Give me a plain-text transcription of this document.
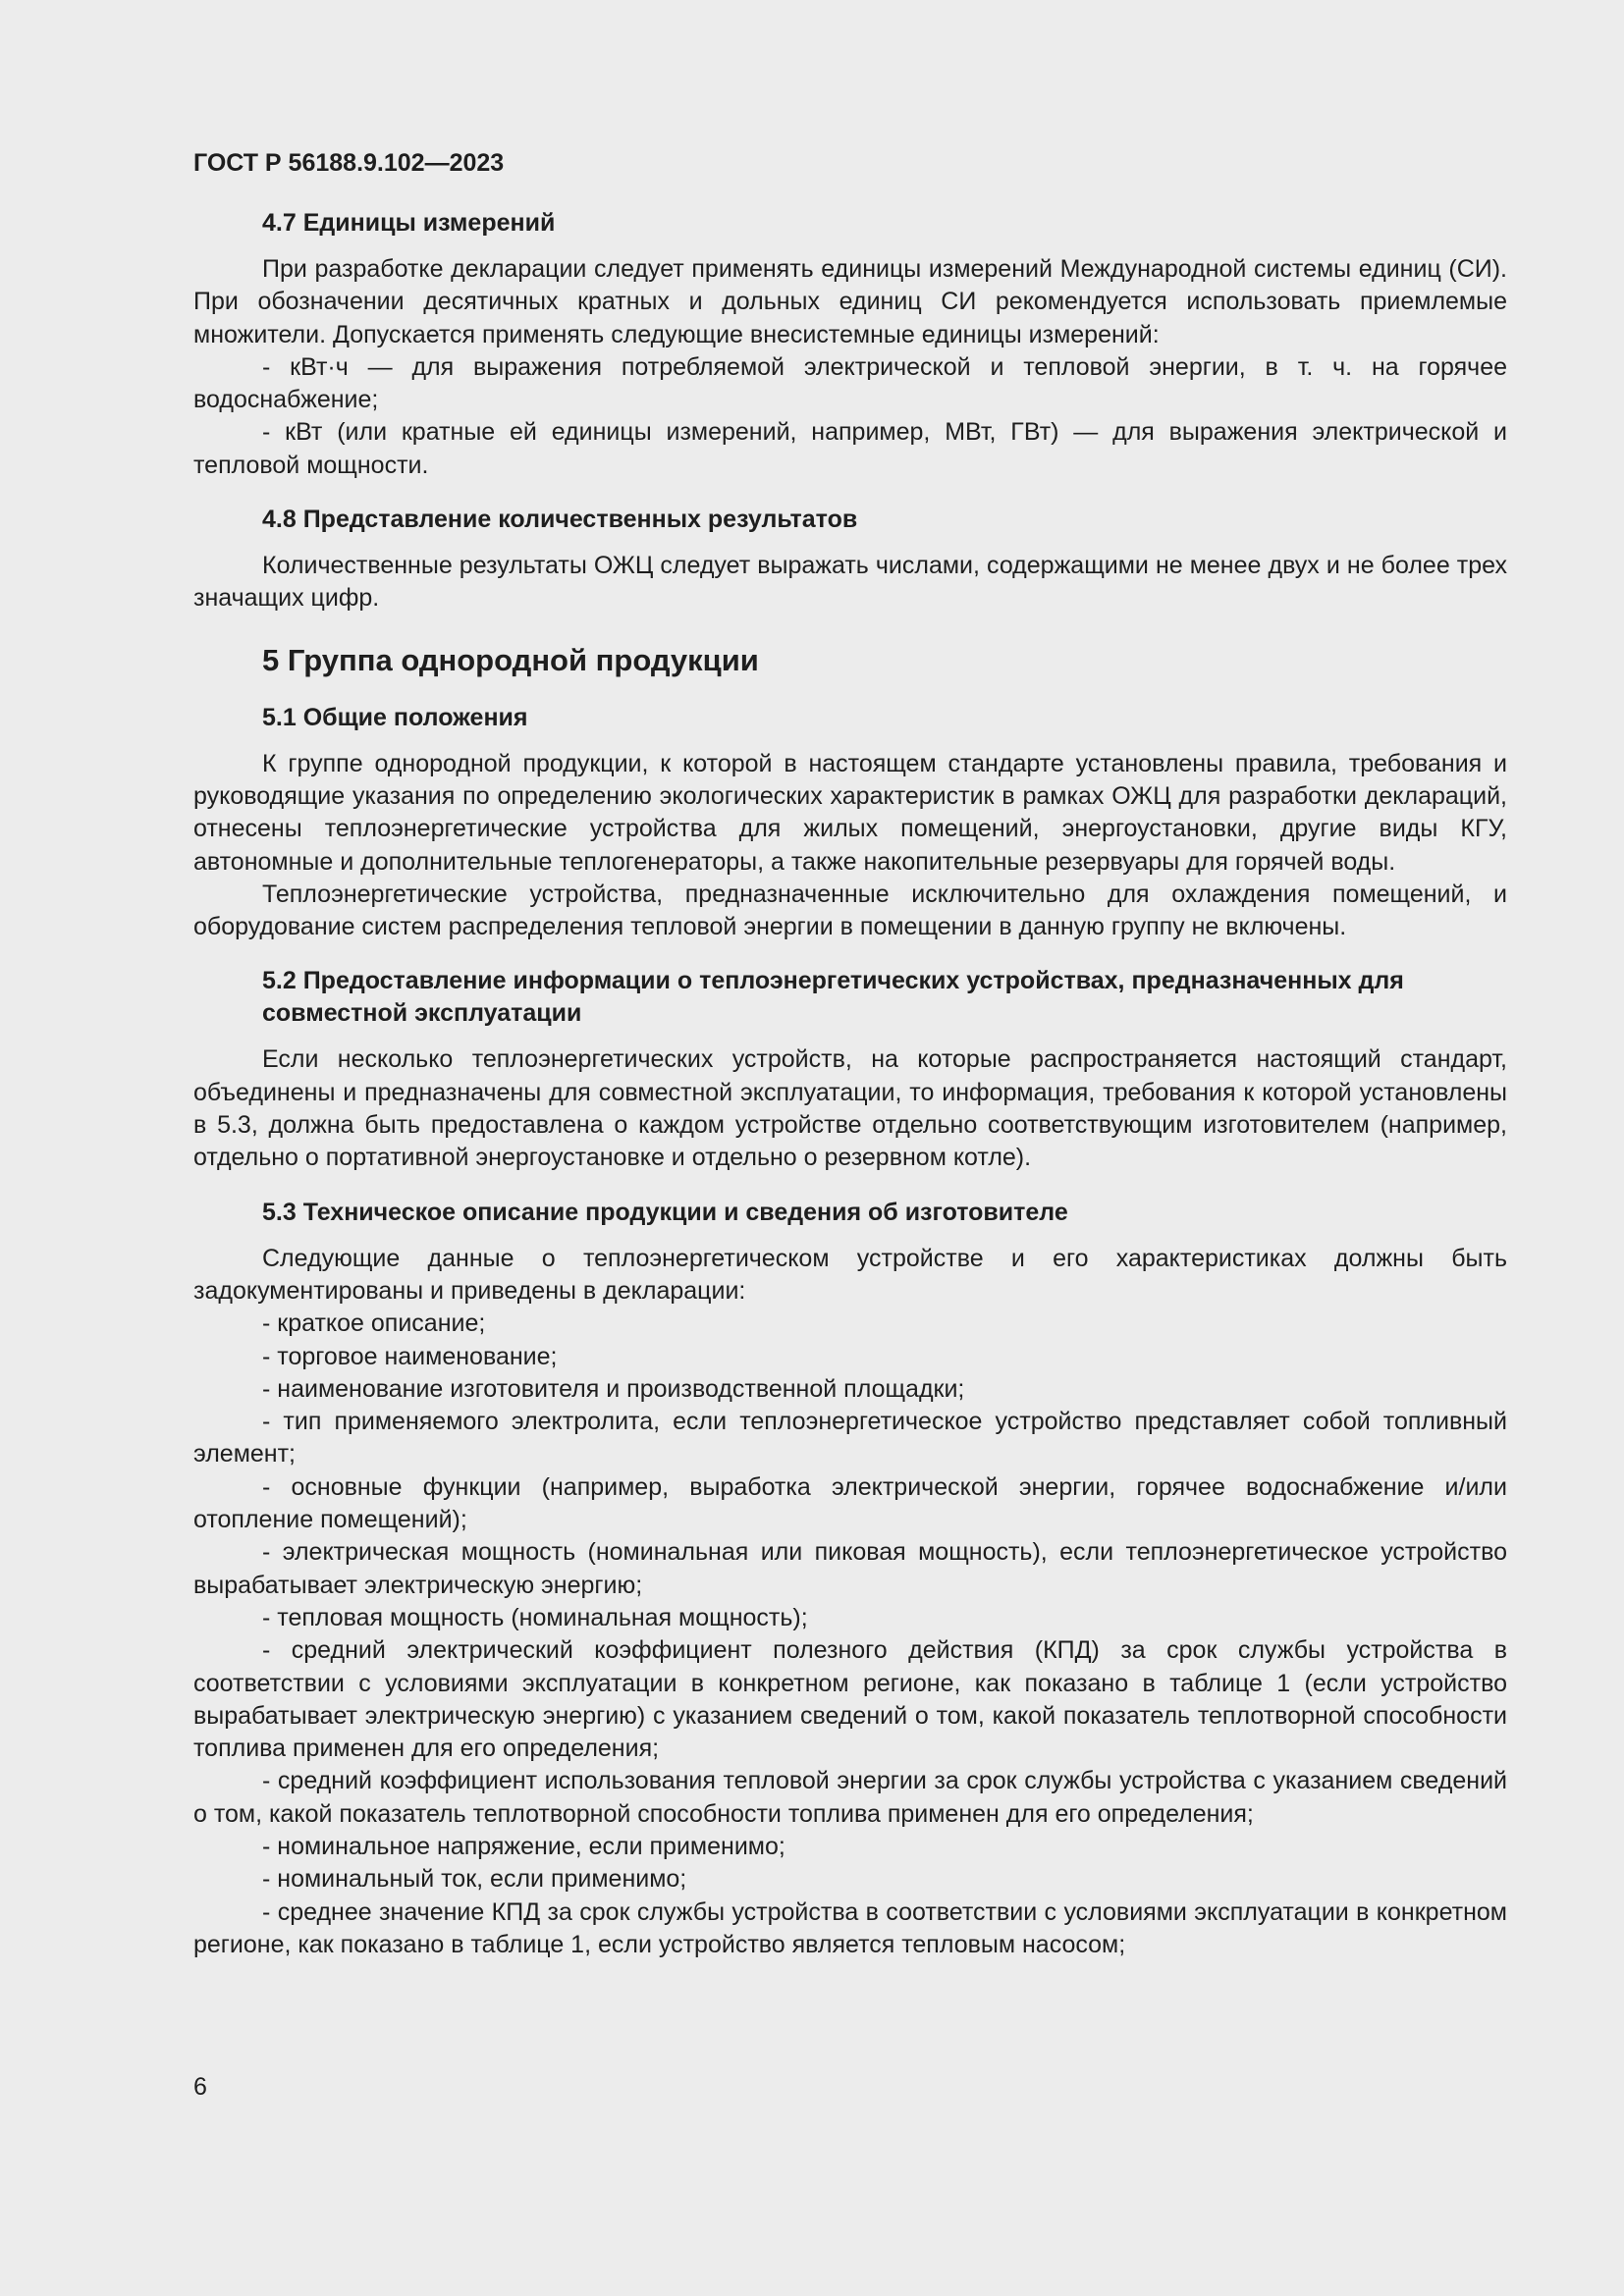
ГОСТ Р 56188.9.102—2023
4.7 Единицы измерений

При разработке декларации следует применять единицы измерений Международной системы единиц (СИ). При обозначении десятичных кратных и дольных единиц СИ рекомендуется использовать приемлемые множители. Допускается применять следующие внесистемные единицы измерений:

- кВт·ч — для выражения потребляемой электрической и тепловой энергии, в т. ч. на горячее водоснабжение;

- кВт (или кратные ей единицы измерений, например, МВт, ГВт) — для выражения электрической и тепловой мощности.

4.8 Представление количественных результатов

Количественные результаты ОЖЦ следует выражать числами, содержащими не менее двух и не более трех значащих цифр.

5 Группа однородной продукции
5.1 Общие положения

К группе однородной продукции, к которой в настоящем стандарте установлены правила, требования и руководящие указания по определению экологических характеристик в рамках ОЖЦ для разработки деклараций, отнесены теплоэнергетические устройства для жилых помещений, энергоустановки, другие виды КГУ, автономные и дополнительные теплогенераторы, а также накопительные резервуары для горячей воды.

Теплоэнергетические устройства, предназначенные исключительно для охлаждения помещений, и оборудование систем распределения тепловой энергии в помещении в данную группу не включены.

5.2 Предоставление информации о теплоэнергетических устройствах, предназначенных для совместной эксплуатации

Если несколько теплоэнергетических устройств, на которые распространяется настоящий стандарт, объединены и предназначены для совместной эксплуатации, то информация, требования к которой установлены в 5.3, должна быть предоставлена о каждом устройстве отдельно соответствующим изготовителем (например, отдельно о портативной энергоустановке и отдельно о резервном котле).

5.3 Техническое описание продукции и сведения об изготовителе

Следующие данные о теплоэнергетическом устройстве и его характеристиках должны быть задокументированы и приведены в декларации:

- краткое описание;

- торговое наименование;

- наименование изготовителя и производственной площадки;

- тип применяемого электролита, если теплоэнергетическое устройство представляет собой топливный элемент;

- основные функции (например, выработка электрической энергии, горячее водоснабжение и/или отопление помещений);

- электрическая мощность (номинальная или пиковая мощность), если теплоэнергетическое устройство вырабатывает электрическую энергию;

- тепловая мощность (номинальная мощность);

- средний электрический коэффициент полезного действия (КПД) за срок службы устройства в соответствии с условиями эксплуатации в конкретном регионе, как показано в таблице 1 (если устройство вырабатывает электрическую энергию) с указанием сведений о том, какой показатель теплотворной способности топлива применен для его определения;

- средний коэффициент использования тепловой энергии за срок службы устройства с указанием сведений о том, какой показатель теплотворной способности топлива применен для его определения;

- номинальное напряжение, если применимо;

- номинальный ток, если применимо;

- среднее значение КПД за срок службы устройства в соответствии с условиями эксплуатации в конкретном регионе, как показано в таблице 1, если устройство является тепловым насосом;

6
